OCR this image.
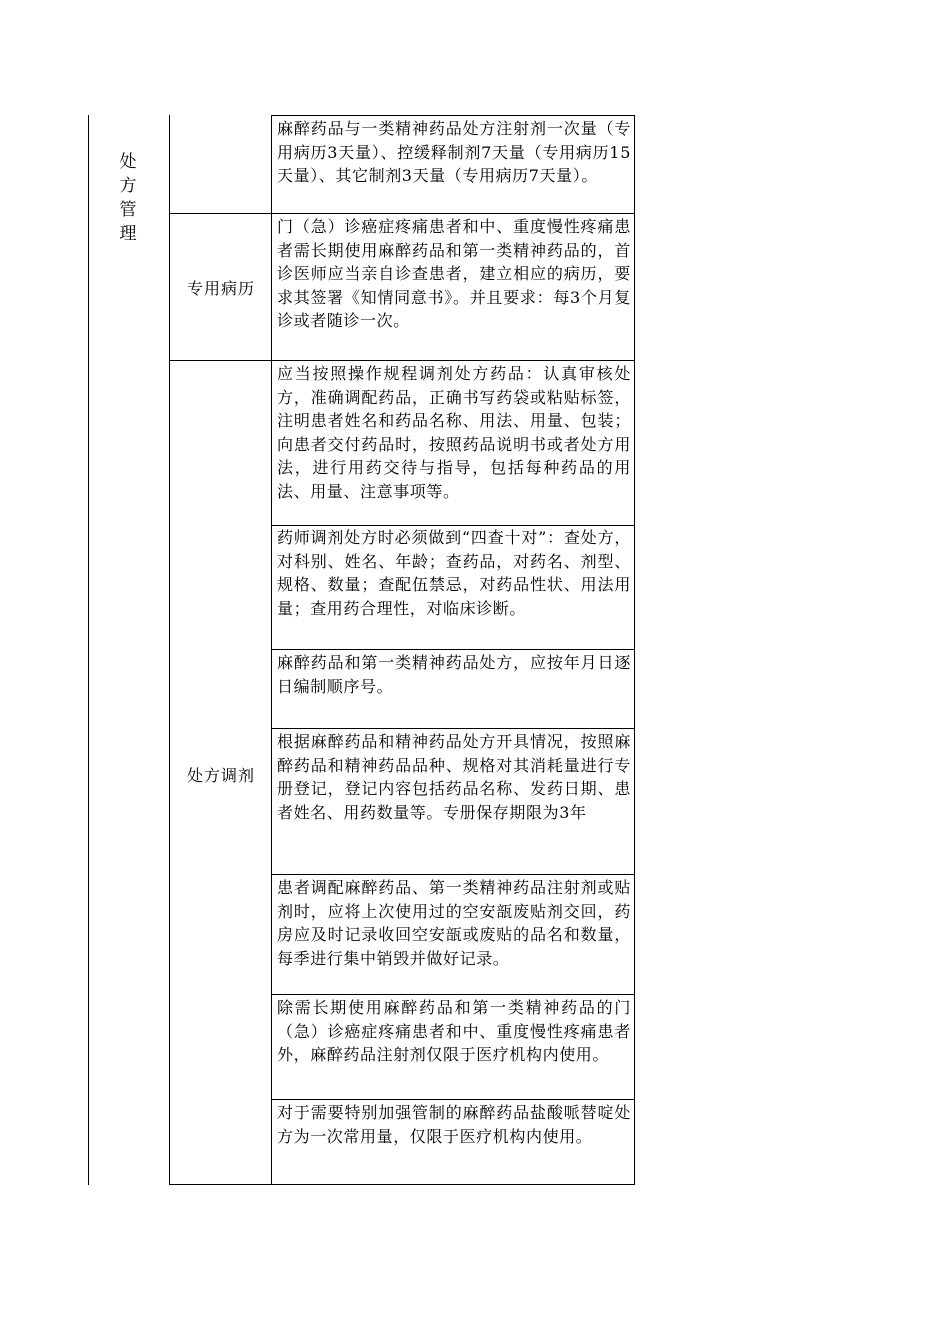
处方管理
专用病历
处方调剂
麻醉药品与一类精神药品处方注射剂一次量（专用病历3天量）、控缓释制剂7天量（专用病历15天量）、其它制剂3天量（专用病历7天量）。
门（急）诊癌症疼痛患者和中、重度慢性疼痛患者需长期使用麻醉药品和第一类精神药品的，首诊医师应当亲自诊查患者，建立相应的病历，要求其签署《知情同意书》。并且要求：每3个月复诊或者随诊一次。
应当按照操作规程调剂处方药品：认真审核处方，准确调配药品，正确书写药袋或粘贴标签，注明患者姓名和药品名称、用法、用量、包装；向患者交付药品时，按照药品说明书或者处方用法，进行用药交待与指导，包括每种药品的用法、用量、注意事项等。
药师调剂处方时必须做到“四查十对”：查处方，对科别、姓名、年龄；查药品，对药名、剂型、规格、数量；查配伍禁忌，对药品性状、用法用量；查用药合理性，对临床诊断。
麻醉药品和第一类精神药品处方，应按年月日逐日编制顺序号。
根据麻醉药品和精神药品处方开具情况，按照麻醉药品和精神药品品种、规格对其消耗量进行专册登记，登记内容包括药品名称、发药日期、患者姓名、用药数量等。专册保存期限为3年
患者调配麻醉药品、第一类精神药品注射剂或贴剂时，应将上次使用过的空安瓿废贴剂交回，药房应及时记录收回空安瓿或废贴的品名和数量，每季进行集中销毁并做好记录。
除需长期使用麻醉药品和第一类精神药品的门（急）诊癌症疼痛患者和中、重度慢性疼痛患者外，麻醉药品注射剂仅限于医疗机构内使用。
对于需要特别加强管制的麻醉药品盐酸哌替啶处方为一次常用量，仅限于医疗机构内使用。
